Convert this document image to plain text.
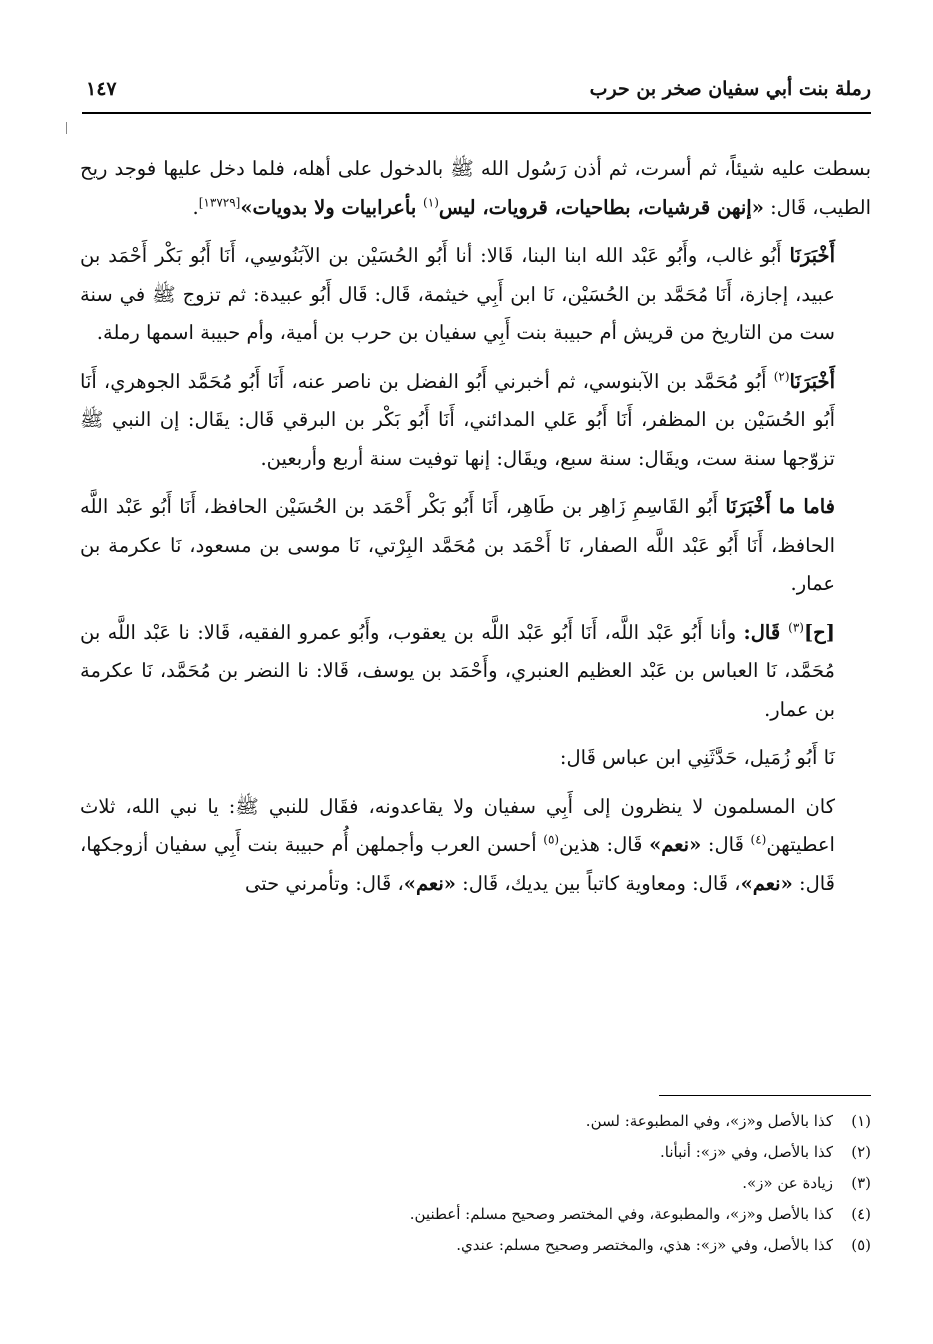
رملة بنت أبي سفيان صخر بن حرب
١٤٧

بسطت عليه شيئاً، ثم أسرت، ثم أذن رَسُول الله ﷺ بالدخول على أهله، فلما دخل عليها فوجد ريح الطيب، قَال: «إنهن قرشيات، بطاحيات، قرويات، ليس$^{(١)}$ بأعرابيات ولا بدويات»[١٣٧٢٩].

أَخْبَرَنَا أَبُو غالب، وأَبُو عَبْد الله ابنا البنا، قَالا: أنا أَبُو الحُسَيْن بن الآبَنُوسِي، أَنَا أَبُو بَكْر أَحْمَد بن عبيد، إجازة، أَنَا مُحَمَّد بن الحُسَيْن، نَا ابن أَبِي خيثمة، قَال: قَال أَبُو عبيدة: ثم تزوج ﷺ في سنة ست من التاريخ من قريش أم حبيبة بنت أَبِي سفيان بن حرب بن أمية، وأم حبيبة اسمها رملة.

أَخْبَرَنَا$^{(٢)}$ أَبُو مُحَمَّد بن الآبنوسي، ثم أخبرني أَبُو الفضل بن ناصر عنه، أَنَا أَبُو مُحَمَّد الجوهري، أَنَا أَبُو الحُسَيْن بن المظفر، أَنَا أَبُو عَلي المدائني، أَنَا أَبُو بَكْر بن البرقي قَال: يقَال: إن النبي ﷺ تزوّجها سنة ست، ويقَال: سنة سبع، ويقَال: إنها توفيت سنة أربع وأربعين.

فاما ما أَخْبَرَنَا أَبُو القَاسِمِ زَاهِر بن طَاهِر، أَنَا أَبُو بَكْر أَحْمَد بن الحُسَيْن الحافظ، أَنَا أَبُو عَبْد اللَّه الحافظ، أَنَا أَبُو عَبْد اللَّه الصفار، نَا أَحْمَد بن مُحَمَّد البِرْتي، نَا موسى بن مسعود، نَا عكرمة بن عمار.

[ح]$^{(٣)}$ قَال: وأنا أَبُو عَبْد اللَّه، أَنَا أَبُو عَبْد اللَّه بن يعقوب، وأَبُو عمرو الفقيه، قَالا: نا عَبْد اللَّه بن مُحَمَّد، نَا العباس بن عَبْد العظيم العنبري، وأَحْمَد بن يوسف، قَالا: نا النضر بن مُحَمَّد، نَا عكرمة بن عمار.

نَا أَبُو زُمَيل، حَدَّثَنِي ابن عباس قَال:

كان المسلمون لا ينظرون إلى أَبِي سفيان ولا يقاعدونه، فقَال للنبي ﷺ: يا نبي الله، ثلاث اعطيتهن$^{(٤)}$ قَال: «نعم» قَال: هذين$^{(٥)}$ أحسن العرب وأجملهن أُم حبيبة بنت أَبِي سفيان أزوجكها، قَال: «نعم»، قَال: ومعاوية كاتباً بين يديك، قَال: «نعم»، قَال: وتأمرني حتى

(١)كذا بالأصل و«ز»، وفي المطبوعة: لسن.
(٢)كذا بالأصل، وفي «ز»: أنبأنا.
(٣)زيادة عن «ز».
(٤)كذا بالأصل و«ز»، والمطبوعة، وفي المختصر وصحيح مسلم: أعطنين.
(٥)كذا بالأصل، وفي «ز»: هذي، والمختصر وصحيح مسلم: عندي.
